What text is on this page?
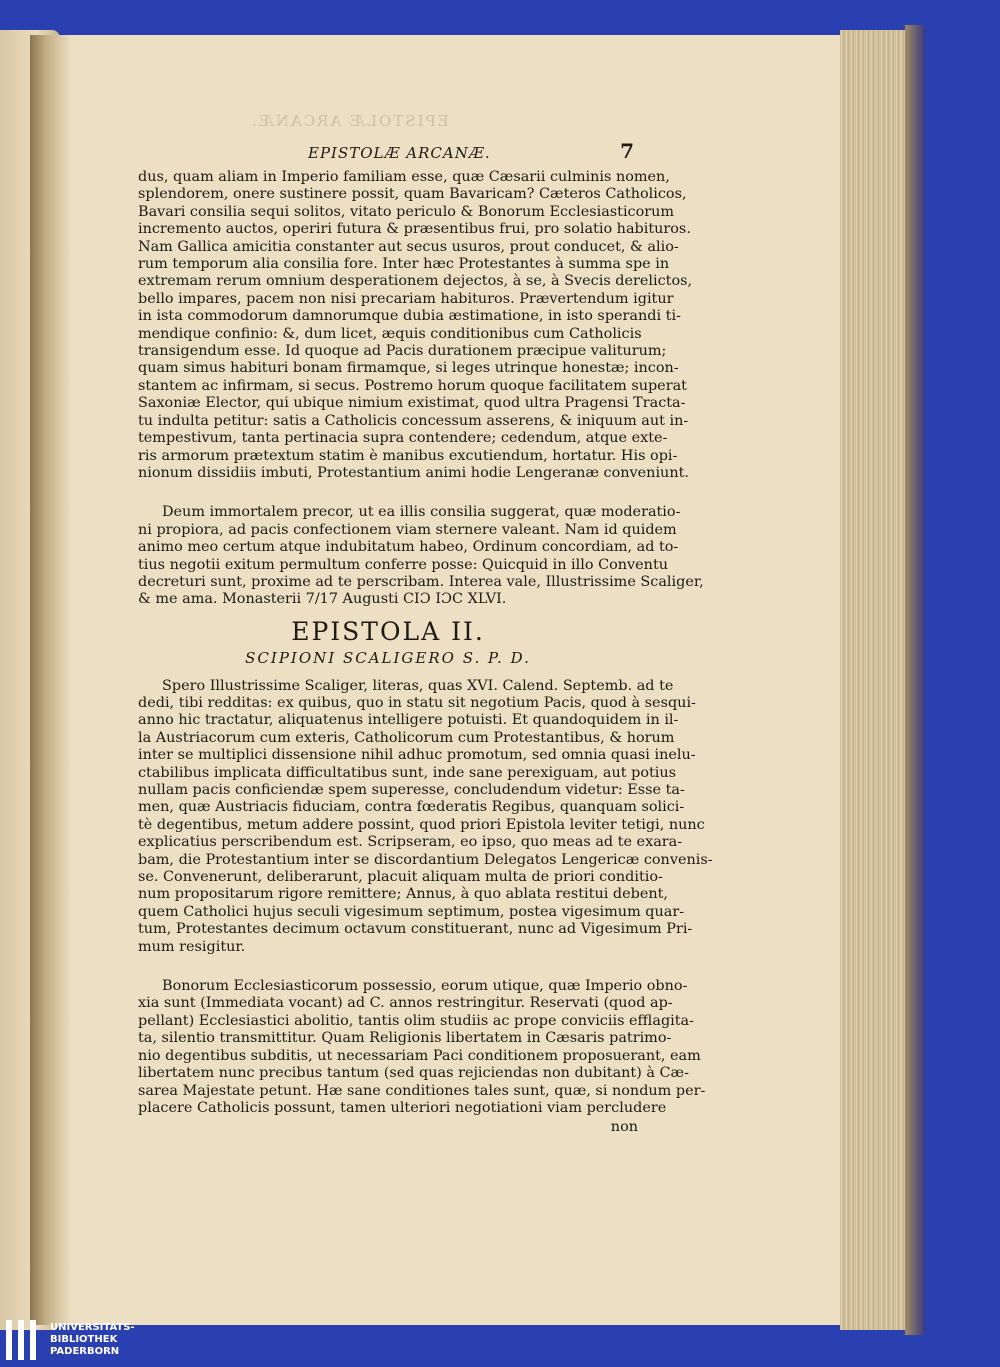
EPISTOLÆ ARCANÆ.
EPISTOLÆ ARCANÆ.	7
dus, quam aliam in Imperio familiam esse, quæ Cæsarii culminis nomen,
splendorem, onere sustinere possit, quam Bavaricam? Cæteros Catholicos,
Bavari consilia sequi solitos, vitato periculo & Bonorum Ecclesiasticorum
incremento auctos, operiri futura & præsentibus frui, pro solatio habituros.
Nam Gallica amicitia constanter aut secus usuros, prout conducet, & alio-
rum temporum alia consilia fore. Inter hæc Protestantes à summa spe in
extremam rerum omnium desperationem dejectos, à se, à Svecis derelictos,
bello impares, pacem non nisi precariam habituros. Prævertendum igitur
in ista commodorum damnorumque dubia æstimatione, in isto sperandi ti-
mendique confinio: &, dum licet, æquis conditionibus cum Catholicis
transigendum esse. Id quoque ad Pacis durationem præcipue valiturum;
quam simus habituri bonam firmamque, si leges utrinque honestæ; incon-
stantem ac infirmam, si secus. Postremo horum quoque facilitatem superat
Saxoniæ Elector, qui ubique nimium existimat, quod ultra Pragensi Tracta-
tu indulta petitur: satis a Catholicis concessum asserens, & iniquum aut in-
tempestivum, tanta pertinacia supra contendere; cedendum, atque exte-
ris armorum prætextum statim è manibus excutiendum, hortatur. His opi-
nionum dissidiis imbuti, Protestantium animi hodie Lengeranæ conveniunt.
Deum immortalem precor, ut ea illis consilia suggerat, quæ moderatio-
ni propiora, ad pacis confectionem viam sternere valeant. Nam id quidem
animo meo certum atque indubitatum habeo, Ordinum concordiam, ad to-
tius negotii exitum permultum conferre posse: Quicquid in illo Conventu
decreturi sunt, proxime ad te perscribam. Interea vale, Illustrissime Scaliger,
& me ama. Monasterii 7/17 Augusti CIƆ IƆC XLVI.
EPISTOLA II.
SCIPIONI SCALIGERO S. P. D.
Spero Illustrissime Scaliger, literas, quas XVI. Calend. Septemb. ad te
dedi, tibi redditas: ex quibus, quo in statu sit negotium Pacis, quod à sesqui-
anno hic tractatur, aliquatenus intelligere potuisti. Et quandoquidem in il-
la Austriacorum cum exteris, Catholicorum cum Protestantibus, & horum
inter se multiplici dissensione nihil adhuc promotum, sed omnia quasi inelu-
ctabilibus implicata difficultatibus sunt, inde sane perexiguam, aut potius
nullam pacis conficiendæ spem superesse, concludendum videtur: Esse ta-
men, quæ Austriacis fiduciam, contra fœderatis Regibus, quanquam solici-
tè degentibus, metum addere possint, quod priori Epistola leviter tetigi, nunc
explicatius perscribendum est. Scripseram, eo ipso, quo meas ad te exara-
bam, die Protestantium inter se discordantium Delegatos Lengericæ convenis-
se. Convenerunt, deliberarunt, placuit aliquam multa de priori conditio-
num propositarum rigore remittere; Annus, à quo ablata restitui debent,
quem Catholici hujus seculi vigesimum septimum, postea vigesimum quar-
tum, Protestantes decimum octavum constituerant, nunc ad Vigesimum Pri-
mum resigitur.
Bonorum Ecclesiasticorum possessio, eorum utique, quæ Imperio obno-
xia sunt (Immediata vocant) ad C. annos restringitur. Reservati (quod ap-
pellant) Ecclesiastici abolitio, tantis olim studiis ac prope conviciis efflagita-
ta, silentio transmittitur. Quam Religionis libertatem in Cæsaris patrimo-
nio degentibus subditis, ut necessariam Paci conditionem proposuerant, eam
libertatem nunc precibus tantum (sed quas rejiciendas non dubitant) à Cæ-
sarea Majestate petunt. Hæ sane conditiones tales sunt, quæ, si nondum per-
placere Catholicis possunt, tamen ulteriori negotiationi viam percludere
non
UNIVERSITÄTS-
BIBLIOTHEK
PADERBORN
